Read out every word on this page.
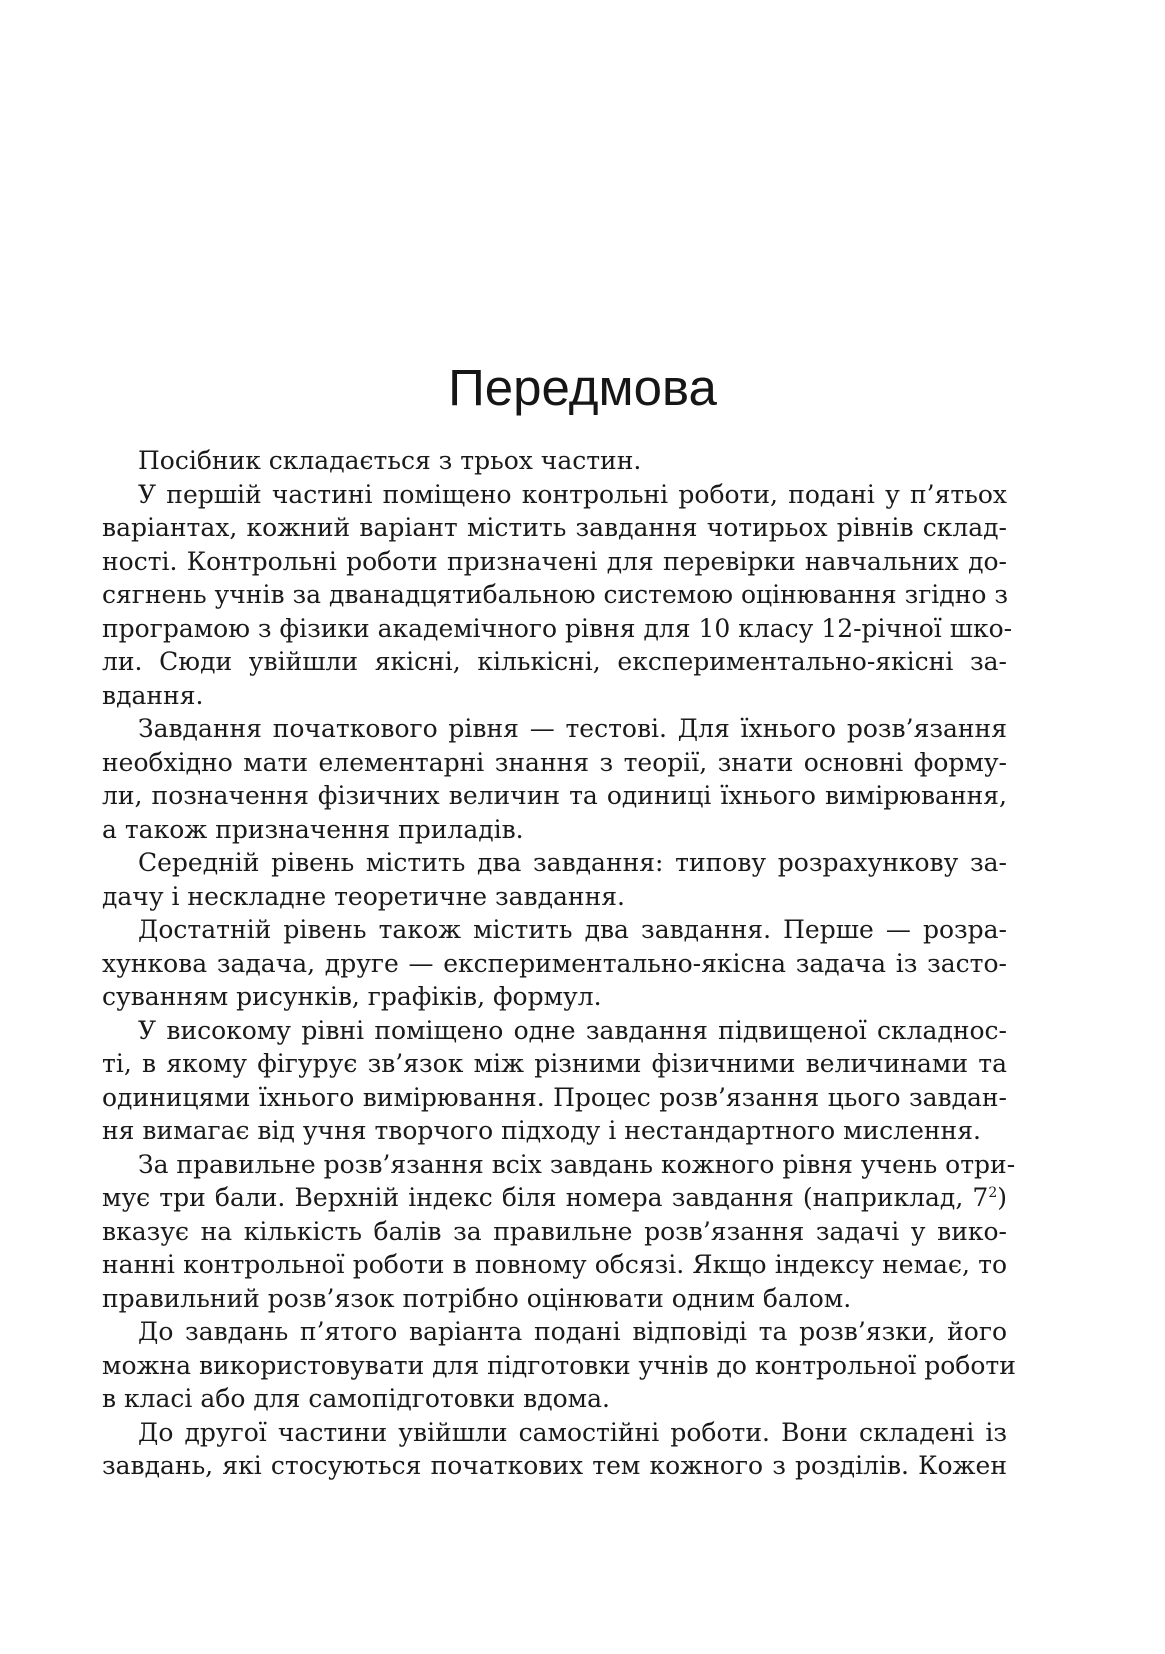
Передмова
Посібник складається з трьох частин.
У першій частині поміщено контрольні роботи, подані у п’ятьох
варіантах, кожний варіант містить завдання чотирьох рівнів склад-
ності. Контрольні роботи призначені для перевірки навчальних до-
сягнень учнів за дванадцятибальною системою оцінювання згідно з
програмою з фізики академічного рівня для 10 класу 12-річної шко-
ли. Сюди увійшли якісні, кількісні, експериментально-якісні за-
вдання.
Завдання початкового рівня — тестові. Для їхнього розв’язання
необхідно мати елементарні знання з теорії, знати основні форму-
ли, позначення фізичних величин та одиниці їхнього вимірювання,
а також призначення приладів.
Середній рівень містить два завдання: типову розрахункову за-
дачу і нескладне теоретичне завдання.
Достатній рівень також містить два завдання. Перше — розра-
хункова задача, друге — експериментально-якісна задача із засто-
суванням рисунків, графіків, формул.
У високому рівні поміщено одне завдання підвищеної складнос-
ті, в якому фігурує зв’язок між різними фізичними величинами та
одиницями їхнього вимірювання. Процес розв’язання цього завдан-
ня вимагає від учня творчого підходу і нестандартного мислення.
За правильне розв’язання всіх завдань кожного рівня учень отри-
мує три бали. Верхній індекс біля номера завдання (наприклад, $7^2$)
вказує на кількість балів за правильне розв’язання задачі у вико-
нанні контрольної роботи в повному обсязі. Якщо індексу немає, то
правильний розв’язок потрібно оцінювати одним балом.
До завдань п’ятого варіанта подані відповіді та розв’язки, його
можна використовувати для підготовки учнів до контрольної роботи
в класі або для самопідготовки вдома.
До другої частини увійшли самостійні роботи. Вони складені із
завдань, які стосуються початкових тем кожного з розділів. Кожен
